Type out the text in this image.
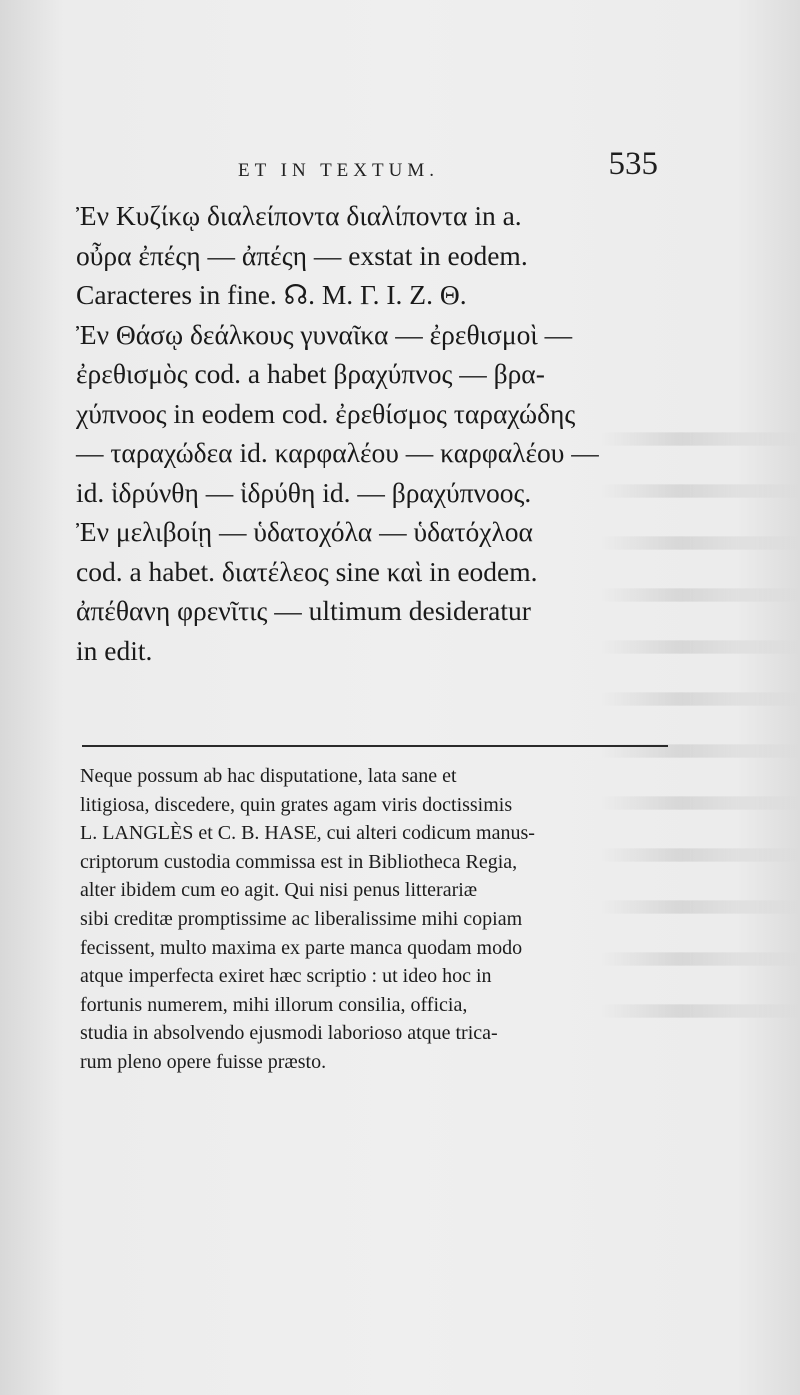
ET IN TEXTUM.	535
Ἐν Κυζίκῳ διαλείποντα διαλίποντα in a.
οὖρα ἐπέςη — ἀπέςη — exstat in eodem.
Caracteres in fine. ☊. M. Γ. I. Z. Θ.
Ἐν Θάσῳ δεάλκους γυναῖκα — ἐρεθισμοὶ —
ἐρεθισμὸς cod. a habet βραχύπνος — βρα-
χύπνοος in eodem cod. ἐρεθίσμος ταραχώδης
— ταραχώδεα id. καρφαλέου — καρφαλέου —
id. ἱδρύνθη — ἱδρύθη id. — βραχύπνοος.
Ἐν μελιβοίῃ — ὑδατοχόλα — ὑδατόχλοα
cod. a habet. διατέλεος sine καὶ in eodem.
ἀπέθανη φρενῖτις — ultimum desideratur
in edit.
Neque possum ab hac disputatione, lata sane et
litigiosa, discedere, quin grates agam viris doctissimis
L. LANGLÈS et C. B. HASE, cui alteri codicum manus-
criptorum custodia commissa est in Bibliotheca Regia,
alter ibidem cum eo agit. Qui nisi penus litterariæ
sibi creditæ promptissime ac liberalissime mihi copiam
fecissent, multo maxima ex parte manca quodam modo
atque imperfecta exiret hæc scriptio : ut ideo hoc in
fortunis numerem, mihi illorum consilia, officia,
studia in absolvendo ejusmodi laborioso atque trica-
rum pleno opere fuisse præsto.
